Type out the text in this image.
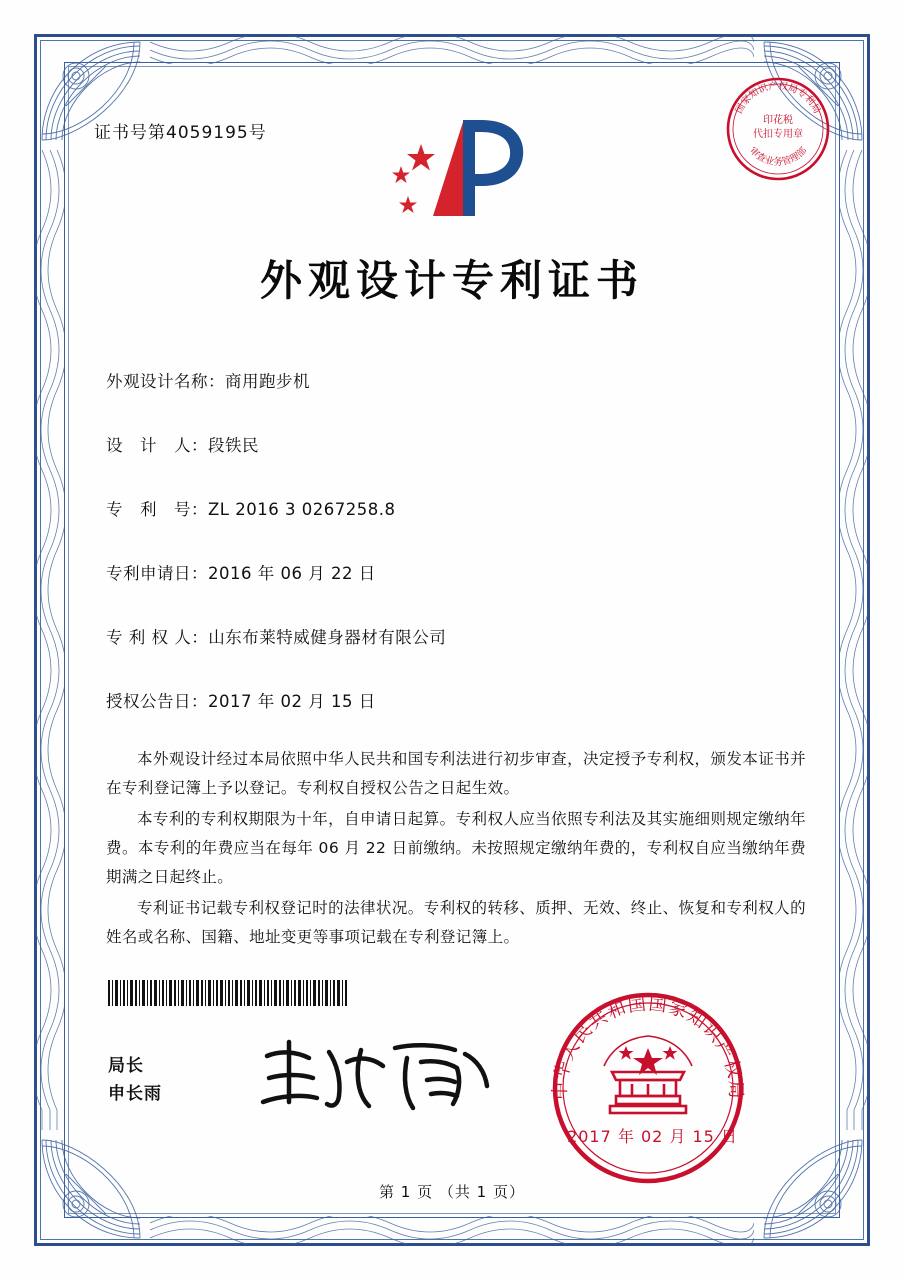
证书号第4059195号
国家知识产权局专利局
审查业务管理部
印花税
代扣专用章
外观设计专利证书
外观设计名称：商用跑步机
设　计　人：段铁民
专　利　号：ZL 2016 3 0267258.8
专利申请日：2016 年 06 月 22 日
专 利 权 人：山东布莱特威健身器材有限公司
授权公告日：2017 年 02 月 15 日

本外观设计经过本局依照中华人民共和国专利法进行初步审查，决定授予专利权，颁发本证书并在专利登记簿上予以登记。专利权自授权公告之日起生效。

本专利的专利权期限为十年，自申请日起算。专利权人应当依照专利法及其实施细则规定缴纳年费。本专利的年费应当在每年 06 月 22 日前缴纳。未按照规定缴纳年费的，专利权自应当缴纳年费期满之日起终止。

专利证书记载专利权登记时的法律状况。专利权的转移、质押、无效、终止、恢复和专利权人的姓名或名称、国籍、地址变更等事项记载在专利登记簿上。

局长
申长雨	中华人民共和国国家知识产权局
2017 年 02 月 15 日
第 1 页 （共 1 页）
